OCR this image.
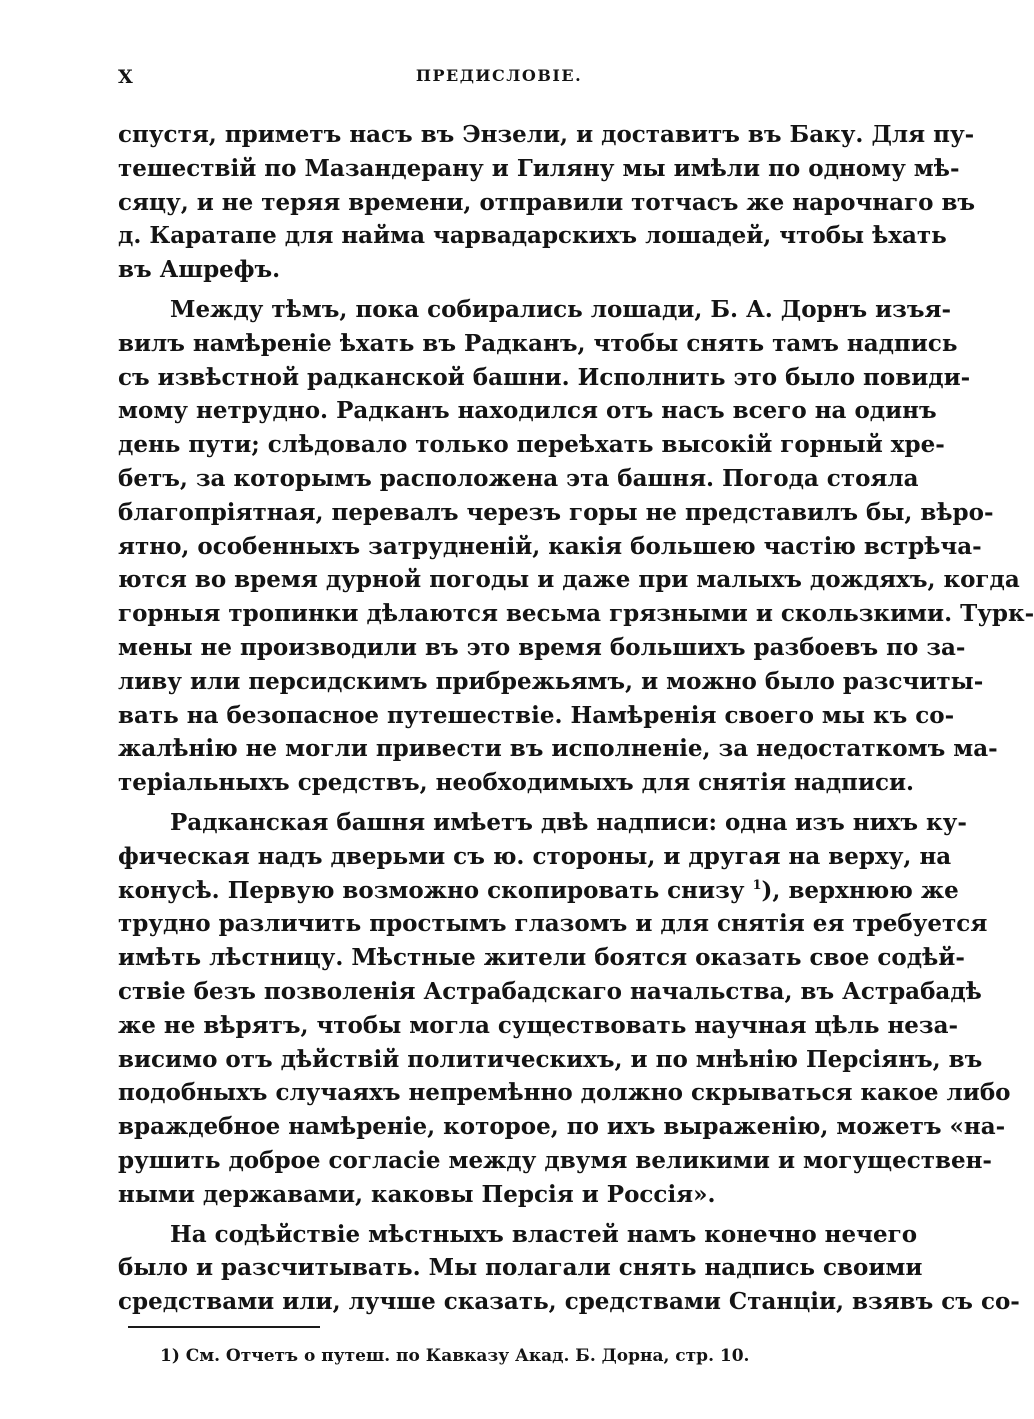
X	ПРЕДИСЛОВІЕ.
спустя, приметъ насъ въ Энзели, и доставитъ въ Баку. Для пу-
тешествій по Мазандерану и Гиляну мы имѣли по одному мѣ-
сяцу, и не теряя времени, отправили тотчасъ же нарочнаго въ
д. Каратапе для найма чарвадарскихъ лошадей, чтобы ѣхать
въ Ашрефъ.
Между тѣмъ, пока собирались лошади, Б. А. Дорнъ изъя-
вилъ намѣреніе ѣхать въ Радканъ, чтобы снять тамъ надпись
съ извѣстной радканской башни. Исполнить это было повиди-
мому нетрудно. Радканъ находился отъ насъ всего на одинъ
день пути; слѣдовало только переѣхать высокій горный хре-
бетъ, за которымъ расположена эта башня. Погода стояла
благопріятная, перевалъ черезъ горы не представилъ бы, вѣро-
ятно, особенныхъ затрудненій, какія большею частію встрѣча-
ются во время дурной погоды и даже при малыхъ дождяхъ, когда
горныя тропинки дѣлаются весьма грязными и скользкими. Турк-
мены не производили въ это время большихъ разбоевъ по за-
ливу или персидскимъ прибрежьямъ, и можно было разсчиты-
вать на безопасное путешествіе. Намѣренія своего мы къ со-
жалѣнію не могли привести въ исполненіе, за недостаткомъ ма-
теріальныхъ средствъ, необходимыхъ для снятія надписи.
Радканская башня имѣетъ двѣ надписи: одна изъ нихъ ку-
фическая надъ дверьми съ ю. стороны, и другая на верху, на
конусѣ. Первую возможно скопировать снизу $^1$), верхнюю же
трудно различить простымъ глазомъ и для снятія ея требуется
имѣть лѣстницу. Мѣстные жители боятся оказать свое содѣй-
ствіе безъ позволенія Астрабадскаго начальства, въ Астрабадѣ
же не вѣрятъ, чтобы могла существовать научная цѣль неза-
висимо отъ дѣйствій политическихъ, и по мнѣнію Персіянъ, въ
подобныхъ случаяхъ непремѣнно должно скрываться какое либо
враждебное намѣреніе, которое, по ихъ выраженію, можетъ «на-
рушить доброе согласіе между двумя великими и могуществен-
ными державами, каковы Персія и Россія».
На содѣйствіе мѣстныхъ властей намъ конечно нечего
было и разсчитывать. Мы полагали снять надпись своими
средствами или, лучше сказать, средствами Станціи, взявъ съ со-
1) См. Отчетъ о путеш. по Кавказу Акад. Б. Дорна, стр. 10.
